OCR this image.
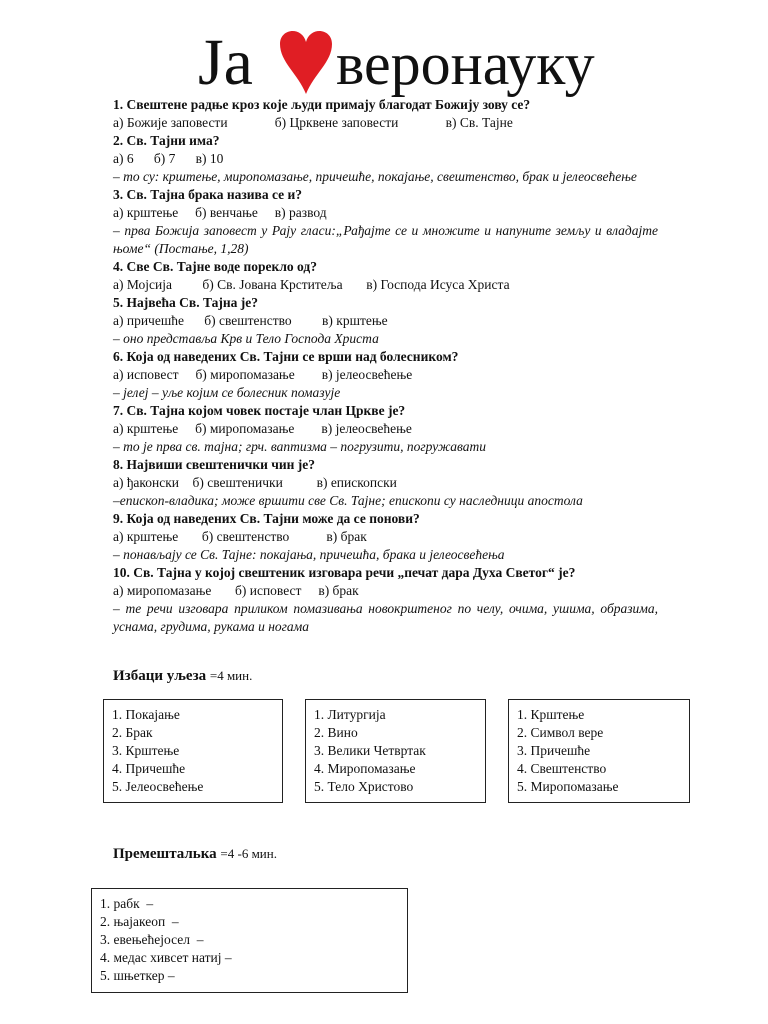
Ја веронауку
1. Свештене радње кроз које људи примају благодат Божију зову се?
а) Божије заповести              б) Црквене заповести              в) Св. Тајне
2. Св. Тајни има?
а) 6      б) 7      в) 10
– то су: крштење, миропомазање, причешће, покајање, свештенство, брак и јелеосвећење
3. Св. Тајна брака назива се и?
а) крштење     б) венчање     в) развод
– прва Божија заповест у Рају гласи:„Рађајте се и множите и напуните земљу и владајте њоме“ (Постање, 1,28)
4. Све Св. Тајне воде порекло од?
а) Мојсија         б) Св. Јована Крститеља       в) Господа Исуса Христа
5. Највећа Св. Тајна је?
а) причешће      б) свештенство         в) крштење
– оно представља Крв и Тело Господа Христа
6. Која од наведених Св. Тајни се врши над болесником?
а) исповест     б) миропомазање        в) јелеосвећење
– јелеј – уље којим се болесник помазује
7. Св. Тајна којом човек постаје члан Цркве је?
а) крштење     б) миропомазање        в) јелеосвећење
– то је прва св. тајна; грч. ваптизма – погрузити, погружавати
8. Највиши свештенички чин је?
а) ђаконски    б) свештенички          в) епископски
–епископ-владика; може вршити све Св. Тајне; епископи су наследници апостола
9. Која од наведених Св. Тајни може да се понови?
а) крштење       б) свештенство           в) брак
– понављају се Св. Тајне: покајања, причешћа, брака и јелеосвећења
10. Св. Тајна у којој свештеник изговара речи „печат дара Духа Светог“ је?
а) миропомазање       б) исповест     в) брак
– те речи изговара приликом помазивања новокрштеног по челу, очима, ушима, образима, уснама, грудима, рукама и ногама
Избаци уљеза =4 мин.
1. Покајање
2. Брак
3. Крштење
4. Причешће
5. Јелеосвећење
1. Литургија
2. Вино
3. Велики Четвртак
4. Миропомазање
5. Тело Христово
1. Крштење
2. Символ вере
3. Причешће
4. Свештенство
5. Миропомазање
Премешталька =4 -6 мин.
1. рабк  –
2. њајакеоп  –
3. евењећејосел  –
4. медас хивсет натиј –
5. шњеткер –
